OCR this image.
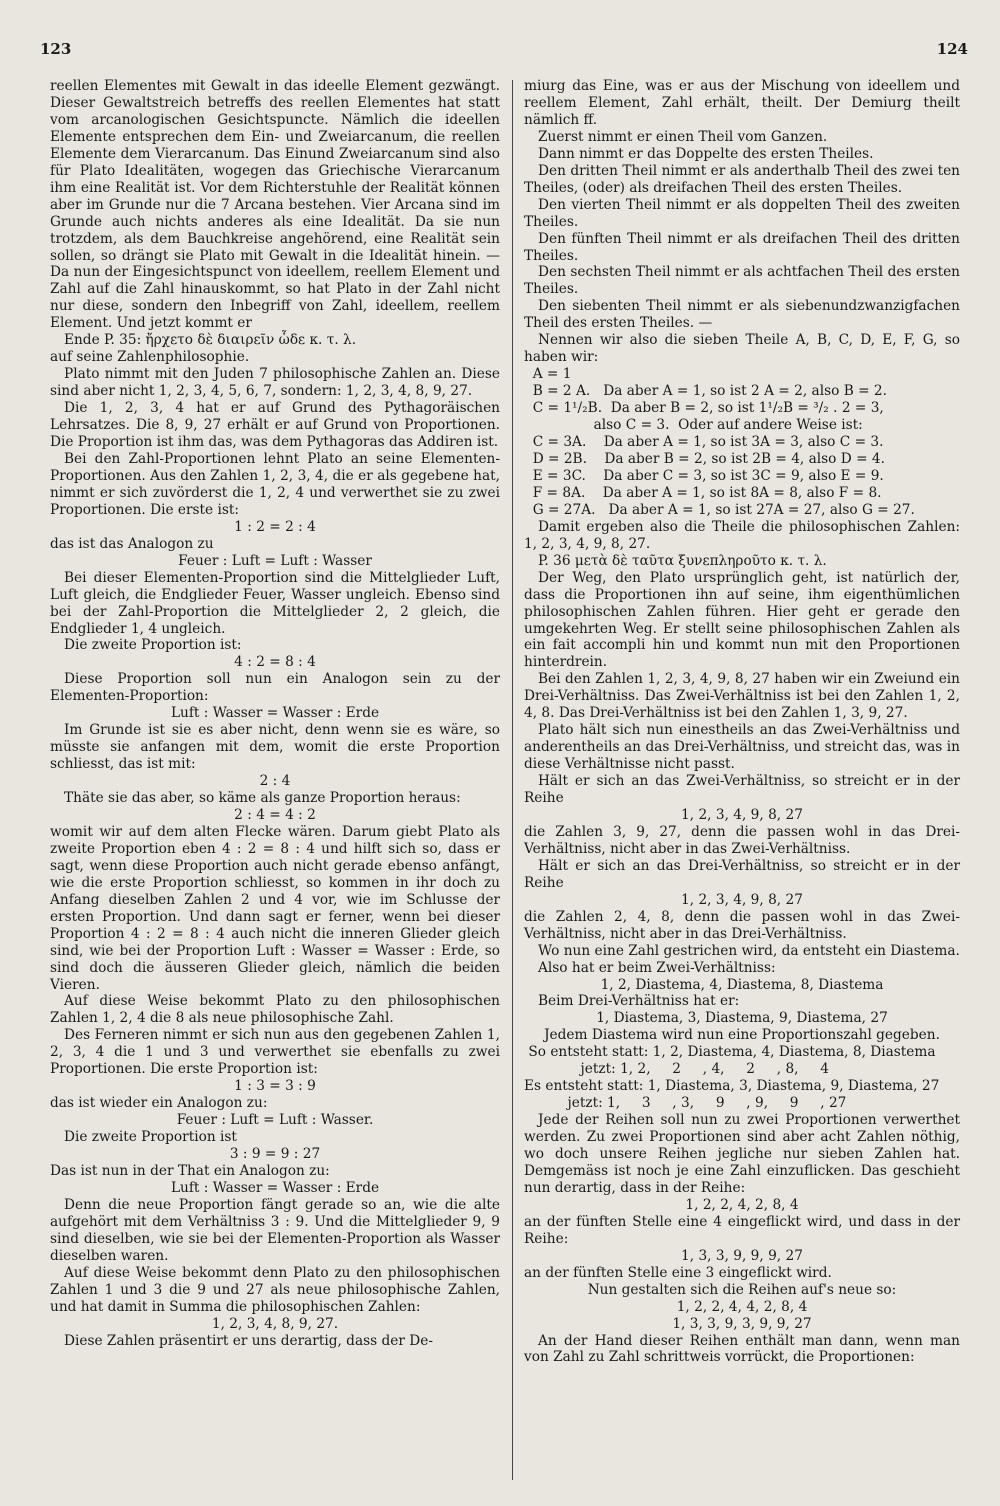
123	124

reellen Elementes mit Gewalt in das ideelle Element gezwängt. Dieser Gewaltstreich betreffs des reellen Elementes hat statt vom arcanologischen Gesichtspuncte. Nämlich die ideellen Elemente entsprechen dem Ein- und Zweiarcanum, die reellen Elemente dem Vierarcanum. Das Einund Zweiarcanum sind also für Plato Idealitäten, wogegen das Griechische Vierarcanum ihm eine Realität ist. Vor dem Richterstuhle der Realität können aber im Grunde nur die 7 Arcana bestehen. Vier Arcana sind im Grunde auch nichts anderes als eine Idealität. Da sie nun trotzdem, als dem Bauchkreise angehörend, eine Realität sein sollen, so drängt sie Plato mit Gewalt in die Idealität hinein. — Da nun der Eingesichtspunct von ideellem, reellem Element und Zahl auf die Zahl hinauskommt, so hat Plato in der Zahl nicht nur diese, sondern den Inbegriff von Zahl, ideellem, reellem Element. Und jetzt kommt er

Ende P. 35: ἤρχετο δὲ διαιρεῖν ὧδε κ. τ. λ.

auf seine Zahlenphilosophie.

Plato nimmt mit den Juden 7 philosophische Zahlen an. Diese sind aber nicht 1, 2, 3, 4, 5, 6, 7, sondern: 1, 2, 3, 4, 8, 9, 27.

Die 1, 2, 3, 4 hat er auf Grund des Pythagoräischen Lehrsatzes. Die 8, 9, 27 erhält er auf Grund von Proportionen. Die Proportion ist ihm das, was dem Pythagoras das Addiren ist.

Bei den Zahl-Proportionen lehnt Plato an seine Elementen-Proportionen. Aus den Zahlen 1, 2, 3, 4, die er als gegebene hat, nimmt er sich zuvörderst die 1, 2, 4 und verwerthet sie zu zwei Proportionen. Die erste ist:

1 : 2 = 2 : 4

das ist das Analogon zu

Feuer : Luft = Luft : Wasser

Bei dieser Elementen-Proportion sind die Mittelglieder Luft, Luft gleich, die Endglieder Feuer, Wasser ungleich. Ebenso sind bei der Zahl-Proportion die Mittelglieder 2, 2 gleich, die Endglieder 1, 4 ungleich.

Die zweite Proportion ist:

4 : 2 = 8 : 4

Diese Proportion soll nun ein Analogon sein zu der Elementen-Proportion:

Luft : Wasser = Wasser : Erde

Im Grunde ist sie es aber nicht, denn wenn sie es wäre, so müsste sie anfangen mit dem, womit die erste Proportion schliesst, das ist mit:

2 : 4

Thäte sie das aber, so käme als ganze Proportion heraus:

2 : 4 = 4 : 2

womit wir auf dem alten Flecke wären. Darum giebt Plato als zweite Proportion eben 4 : 2 = 8 : 4 und hilft sich so, dass er sagt, wenn diese Proportion auch nicht gerade ebenso anfängt, wie die erste Proportion schliesst, so kommen in ihr doch zu Anfang dieselben Zahlen 2 und 4 vor, wie im Schlusse der ersten Proportion. Und dann sagt er ferner, wenn bei dieser Proportion 4 : 2 = 8 : 4 auch nicht die inneren Glieder gleich sind, wie bei der Proportion Luft : Wasser = Wasser : Erde, so sind doch die äusseren Glieder gleich, nämlich die beiden Vieren.

Auf diese Weise bekommt Plato zu den philosophischen Zahlen 1, 2, 4 die 8 als neue philosophische Zahl.

Des Ferneren nimmt er sich nun aus den gegebenen Zahlen 1, 2, 3, 4 die 1 und 3 und verwerthet sie ebenfalls zu zwei Proportionen. Die erste Proportion ist:

1 : 3 = 3 : 9

das ist wieder ein Analogon zu:

Feuer : Luft = Luft : Wasser.

Die zweite Proportion ist

3 : 9 = 9 : 27

Das ist nun in der That ein Analogon zu:

Luft : Wasser = Wasser : Erde

Denn die neue Proportion fängt gerade so an, wie die alte aufgehört mit dem Verhältniss 3 : 9. Und die Mittelglieder 9, 9 sind dieselben, wie sie bei der Elementen-Proportion als Wasser dieselben waren.

Auf diese Weise bekommt denn Plato zu den philosophischen Zahlen 1 und 3 die 9 und 27 als neue philosophische Zahlen, und hat damit in Summa die philosophischen Zahlen:

1, 2, 3, 4, 8, 9, 27.

Diese Zahlen präsentirt er uns derartig, dass der De-

miurg das Eine, was er aus der Mischung von ideellem und reellem Element, Zahl erhält, theilt. Der Demiurg theilt nämlich ff.

Zuerst nimmt er einen Theil vom Ganzen.

Dann nimmt er das Doppelte des ersten Theiles.

Den dritten Theil nimmt er als anderthalb Theil des zwei ten Theiles, (oder) als dreifachen Theil des ersten Theiles.

Den vierten Theil nimmt er als doppelten Theil des zweiten Theiles.

Den fünften Theil nimmt er als dreifachen Theil des dritten Theiles.

Den sechsten Theil nimmt er als achtfachen Theil des ersten Theiles.

Den siebenten Theil nimmt er als siebenundzwanzigfachen Theil des ersten Theiles. —

Nennen wir also die sieben Theile A, B, C, D, E, F, G, so haben wir:

A = 1

B = 2 A.   Da aber A = 1, so ist 2 A = 2, also B = 2.

C = 1¹/₂B.  Da aber B = 2, so ist 1¹/₂B = ³/₂ . 2 = 3,

also C = 3.  Oder auf andere Weise ist:

C = 3A.    Da aber A = 1, so ist 3A = 3, also C = 3.

D = 2B.    Da aber B = 2, so ist 2B = 4, also D = 4.

E = 3C.    Da aber C = 3, so ist 3C = 9, also E = 9.

F = 8A.    Da aber A = 1, so ist 8A = 8, also F = 8.

G = 27A.   Da aber A = 1, so ist 27A = 27, also G = 27.

Damit ergeben also die Theile die philosophischen Zahlen: 1, 2, 3, 4, 9, 8, 27.

P. 36 μετὰ δὲ ταῦτα ξυνεπληροῦτο κ. τ. λ.

Der Weg, den Plato ursprünglich geht, ist natürlich der, dass die Proportionen ihn auf seine, ihm eigenthümlichen philosophischen Zahlen führen. Hier geht er gerade den umgekehrten Weg. Er stellt seine philosophischen Zahlen als ein fait accompli hin und kommt nun mit den Proportionen hinterdrein.

Bei den Zahlen 1, 2, 3, 4, 9, 8, 27 haben wir ein Zweiund ein Drei-Verhältniss. Das Zwei-Verhältniss ist bei den Zahlen 1, 2, 4, 8. Das Drei-Verhältniss ist bei den Zahlen 1, 3, 9, 27.

Plato hält sich nun einestheils an das Zwei-Verhältniss und anderentheils an das Drei-Verhältniss, und streicht das, was in diese Verhältnisse nicht passt.

Hält er sich an das Zwei-Verhältniss, so streicht er in der Reihe

1, 2, 3, 4, 9, 8, 27

die Zahlen 3, 9, 27, denn die passen wohl in das Drei-Verhältniss, nicht aber in das Zwei-Verhältniss.

Hält er sich an das Drei-Verhältniss, so streicht er in der Reihe

1, 2, 3, 4, 9, 8, 27

die Zahlen 2, 4, 8, denn die passen wohl in das Zwei-Verhältniss, nicht aber in das Drei-Verhältniss.

Wo nun eine Zahl gestrichen wird, da entsteht ein Diastema.

Also hat er beim Zwei-Verhältniss:

1, 2, Diastema, 4, Diastema, 8, Diastema

Beim Drei-Verhältniss hat er:

1, Diastema, 3, Diastema, 9, Diastema, 27
Jedem Diastema wird nun eine Proportionszahl gegeben.

So entsteht statt: 1, 2, Diastema, 4, Diastema, 8, Diastema

jetzt: 1, 2,     2     , 4,     2     , 8,     4

Es entsteht statt: 1, Diastema, 3, Diastema, 9, Diastema, 27

jetzt: 1,     3     , 3,     9     , 9,     9     , 27

Jede der Reihen soll nun zu zwei Proportionen verwerthet werden. Zu zwei Proportionen sind aber acht Zahlen nöthig, wo doch unsere Reihen jegliche nur sieben Zahlen hat. Demgemäss ist noch je eine Zahl einzuflicken. Das geschieht nun derartig, dass in der Reihe:

1, 2, 2, 4, 2, 8, 4

an der fünften Stelle eine 4 eingeflickt wird, und dass in der Reihe:

1, 3, 3, 9, 9, 9, 27

an der fünften Stelle eine 3 eingeflickt wird.

Nun gestalten sich die Reihen auf's neue so:
1, 2, 2, 4, 4, 2, 8, 4
1, 3, 3, 9, 3, 9, 9, 27

An der Hand dieser Reihen enthält man dann, wenn man von Zahl zu Zahl schrittweis vorrückt, die Proportionen:
